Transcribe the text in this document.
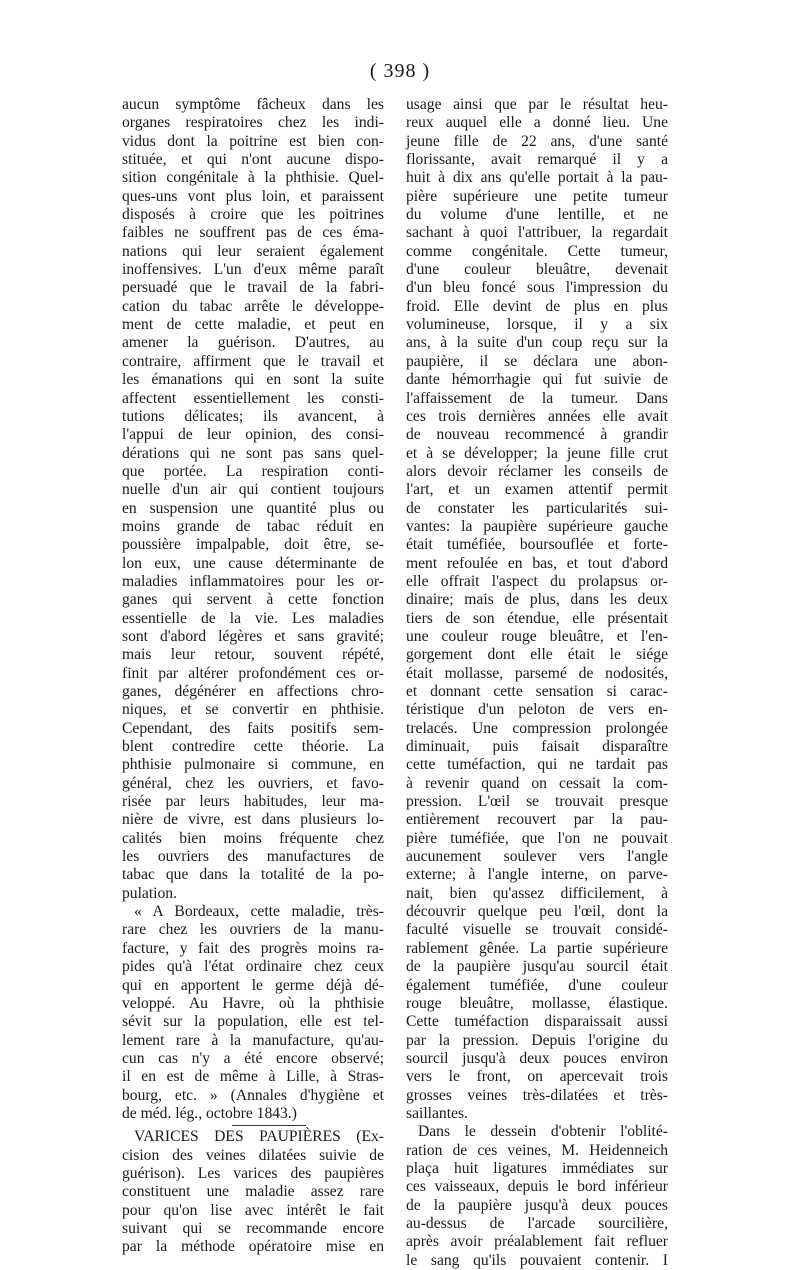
( 398 )
aucun symptôme fâcheux dans les
organes respiratoires chez les indi-
vidus dont la poitrine est bien con-
stituée, et qui n'ont aucune dispo-
sition congénitale à la phthisie. Quel-
ques-uns vont plus loin, et paraissent
disposés à croire que les poitrines
faibles ne souffrent pas de ces éma-
nations qui leur seraient également
inoffensives. L'un d'eux même paraît
persuadé que le travail de la fabri-
cation du tabac arrête le développe-
ment de cette maladie, et peut en
amener la guérison. D'autres, au
contraire, affirment que le travail et
les émanations qui en sont la suite
affectent essentiellement les consti-
tutions délicates; ils avancent, à
l'appui de leur opinion, des consi-
dérations qui ne sont pas sans quel-
que portée. La respiration conti-
nuelle d'un air qui contient toujours
en suspension une quantité plus ou
moins grande de tabac réduit en
poussière impalpable, doit être, se-
lon eux, une cause déterminante de
maladies inflammatoires pour les or-
ganes qui servent à cette fonction
essentielle de la vie. Les maladies
sont d'abord légères et sans gravité;
mais leur retour, souvent répété,
finit par altérer profondément ces or-
ganes, dégénérer en affections chro-
niques, et se convertir en phthisie.
Cependant, des faits positifs sem-
blent contredire cette théorie. La
phthisie pulmonaire si commune, en
général, chez les ouvriers, et favo-
risée par leurs habitudes, leur ma-
nière de vivre, est dans plusieurs lo-
calités bien moins fréquente chez
les ouvriers des manufactures de
tabac que dans la totalité de la po-
pulation.
« A Bordeaux, cette maladie, très-
rare chez les ouvriers de la manu-
facture, y fait des progrès moins ra-
pides qu'à l'état ordinaire chez ceux
qui en apportent le germe déjà dé-
veloppé. Au Havre, où la phthisie
sévit sur la population, elle est tel-
lement rare à la manufacture, qu'au-
cun cas n'y a été encore observé;
il en est de même à Lille, à Stras-
bourg, etc. » (Annales d'hygiène et
de méd. lég., octobre 1843.)
VARICES DES PAUPIÈRES (Ex-
cision des veines dilatées suivie de
guérison). Les varices des paupières
constituent une maladie assez rare
pour qu'on lise avec intérêt le fait
suivant qui se recommande encore
par la méthode opératoire mise en
usage ainsi que par le résultat heu-
reux auquel elle a donné lieu. Une
jeune fille de 22 ans, d'une santé
florissante, avait remarqué il y a
huit à dix ans qu'elle portait à la pau-
pière supérieure une petite tumeur
du volume d'une lentille, et ne
sachant à quoi l'attribuer, la regardait
comme congénitale. Cette tumeur,
d'une couleur bleuâtre, devenait
d'un bleu foncé sous l'impression du
froid. Elle devint de plus en plus
volumineuse, lorsque, il y a six
ans, à la suite d'un coup reçu sur la
paupière, il se déclara une abon-
dante hémorrhagie qui fut suivie de
l'affaissement de la tumeur. Dans
ces trois dernières années elle avait
de nouveau recommencé à grandir
et à se développer; la jeune fille crut
alors devoir réclamer les conseils de
l'art, et un examen attentif permit
de constater les particularités sui-
vantes: la paupière supérieure gauche
était tuméfiée, boursouflée et forte-
ment refoulée en bas, et tout d'abord
elle offrait l'aspect du prolapsus or-
dinaire; mais de plus, dans les deux
tiers de son étendue, elle présentait
une couleur rouge bleuâtre, et l'en-
gorgement dont elle était le siége
était mollasse, parsemé de nodosités,
et donnant cette sensation si carac-
téristique d'un peloton de vers en-
trelacés. Une compression prolongée
diminuait, puis faisait disparaître
cette tuméfaction, qui ne tardait pas
à revenir quand on cessait la com-
pression. L'œil se trouvait presque
entièrement recouvert par la pau-
pière tuméfiée, que l'on ne pouvait
aucunement soulever vers l'angle
externe; à l'angle interne, on parve-
nait, bien qu'assez difficilement, à
découvrir quelque peu l'œil, dont la
faculté visuelle se trouvait considé-
rablement gênée. La partie supérieure
de la paupière jusqu'au sourcil était
également tuméfiée, d'une couleur
rouge bleuâtre, mollasse, élastique.
Cette tuméfaction disparaissait aussi
par la pression. Depuis l'origine du
sourcil jusqu'à deux pouces environ
vers le front, on apercevait trois
grosses veines très-dilatées et très-
saillantes.
Dans le dessein d'obtenir l'oblité-
ration de ces veines, M. Heidenneich
plaça huit ligatures immédiates sur
ces vaisseaux, depuis le bord inférieur
de la paupière jusqu'à deux pouces
au-dessus de l'arcade sourcilière,
après avoir préalablement fait refluer
le sang qu'ils pouvaient contenir. I
